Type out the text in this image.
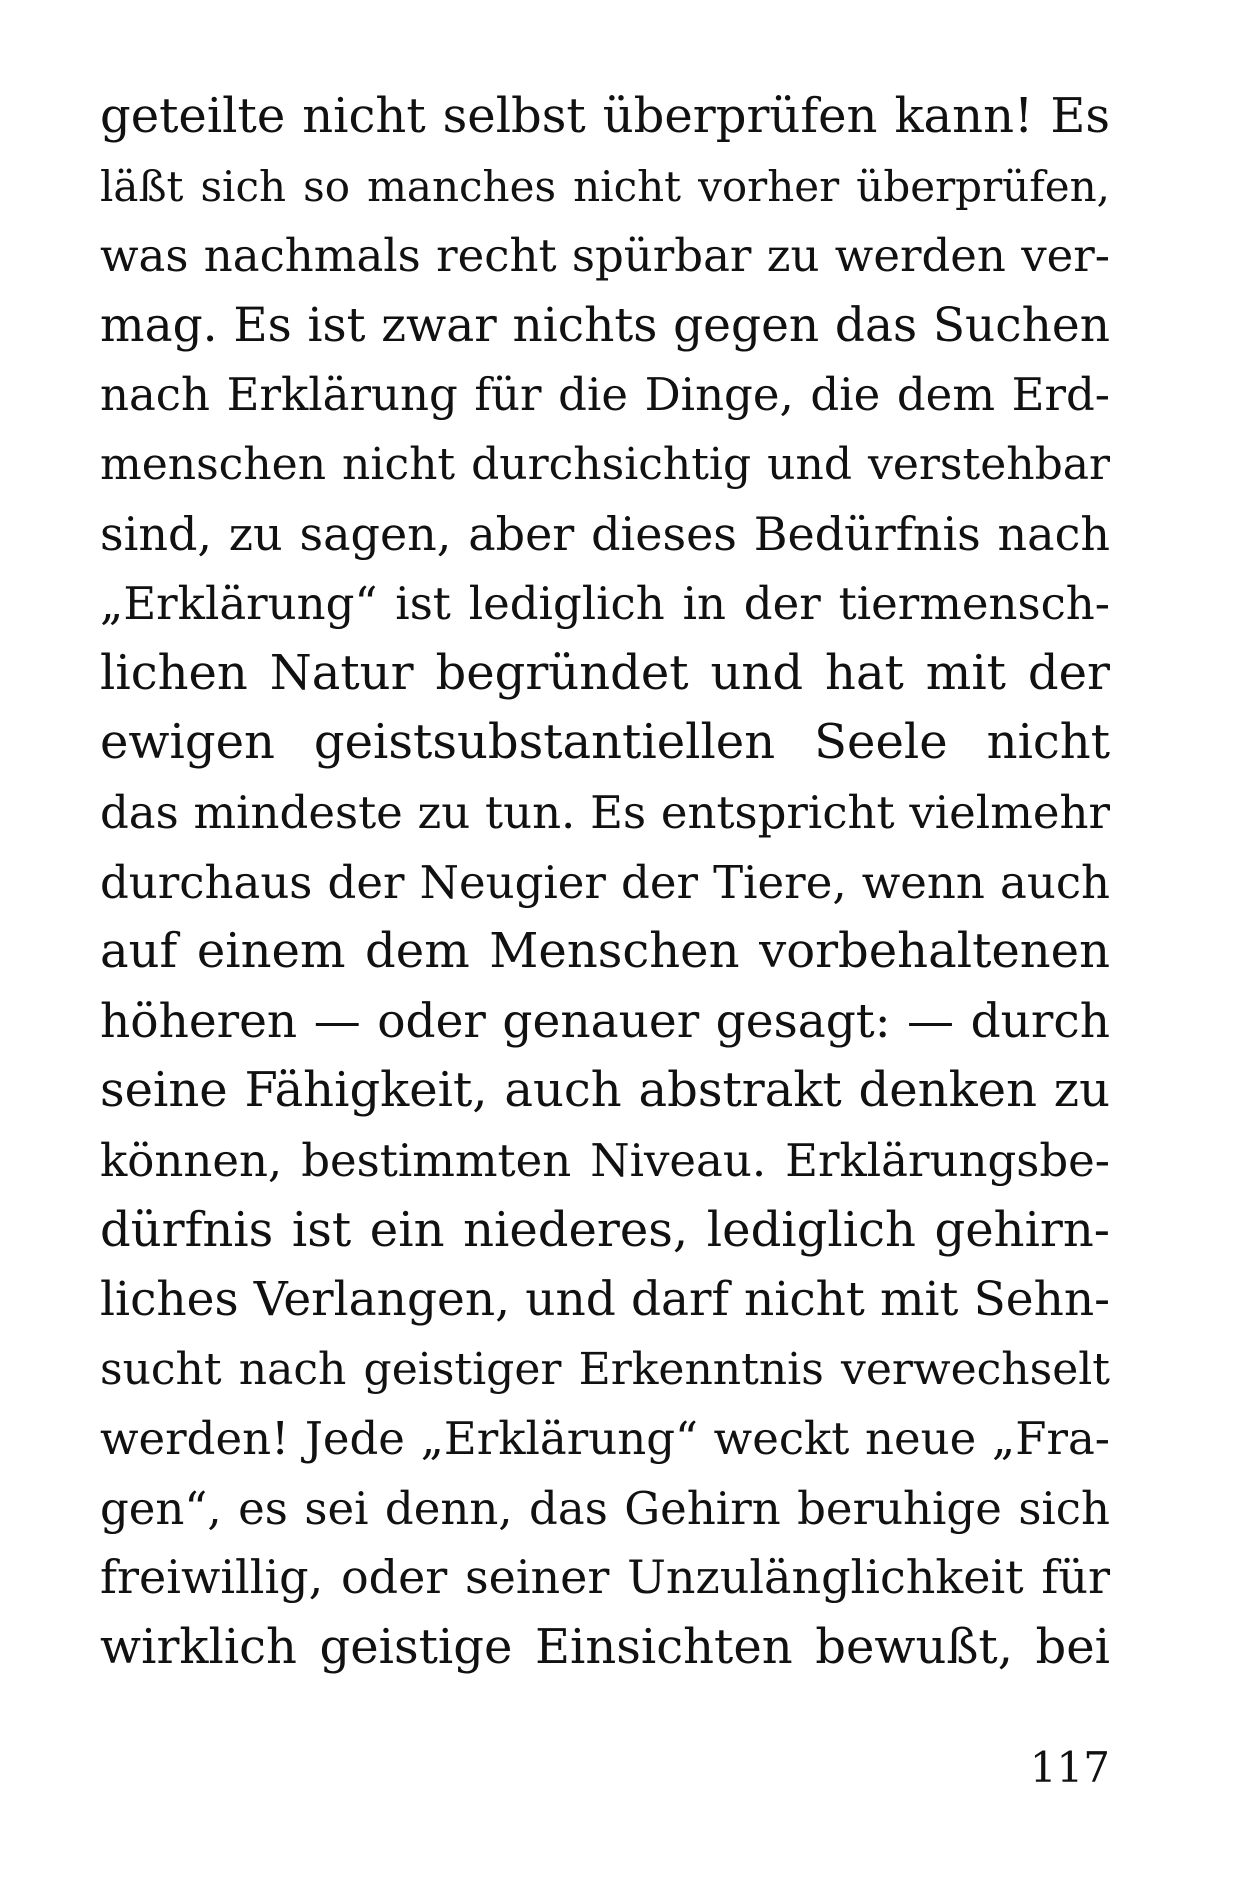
geteilte nicht selbst überprüfen kann! Es
läßt sich so manches nicht vorher überprüfen,
was nachmals recht spürbar zu werden ver-
mag. Es ist zwar nichts gegen das Suchen
nach Erklärung für die Dinge, die dem Erd-
menschen nicht durchsichtig und verstehbar
sind, zu sagen, aber dieses Bedürfnis nach
„Erklärung“ ist lediglich in der tiermensch-
lichen Natur begründet und hat mit der
ewigen geistsubstantiellen Seele nicht
das mindeste zu tun. Es entspricht vielmehr
durchaus der Neugier der Tiere, wenn auch
auf einem dem Menschen vorbehaltenen
höheren — oder genauer gesagt: — durch
seine Fähigkeit, auch abstrakt denken zu
können, bestimmten Niveau. Erklärungsbe-
dürfnis ist ein niederes, lediglich gehirn-
liches Verlangen, und darf nicht mit Sehn-
sucht nach geistiger Erkenntnis verwechselt
werden! Jede „Erklärung“ weckt neue „Fra-
gen“, es sei denn, das Gehirn beruhige sich
freiwillig, oder seiner Unzulänglichkeit für
wirklich geistige Einsichten bewußt, bei
117
